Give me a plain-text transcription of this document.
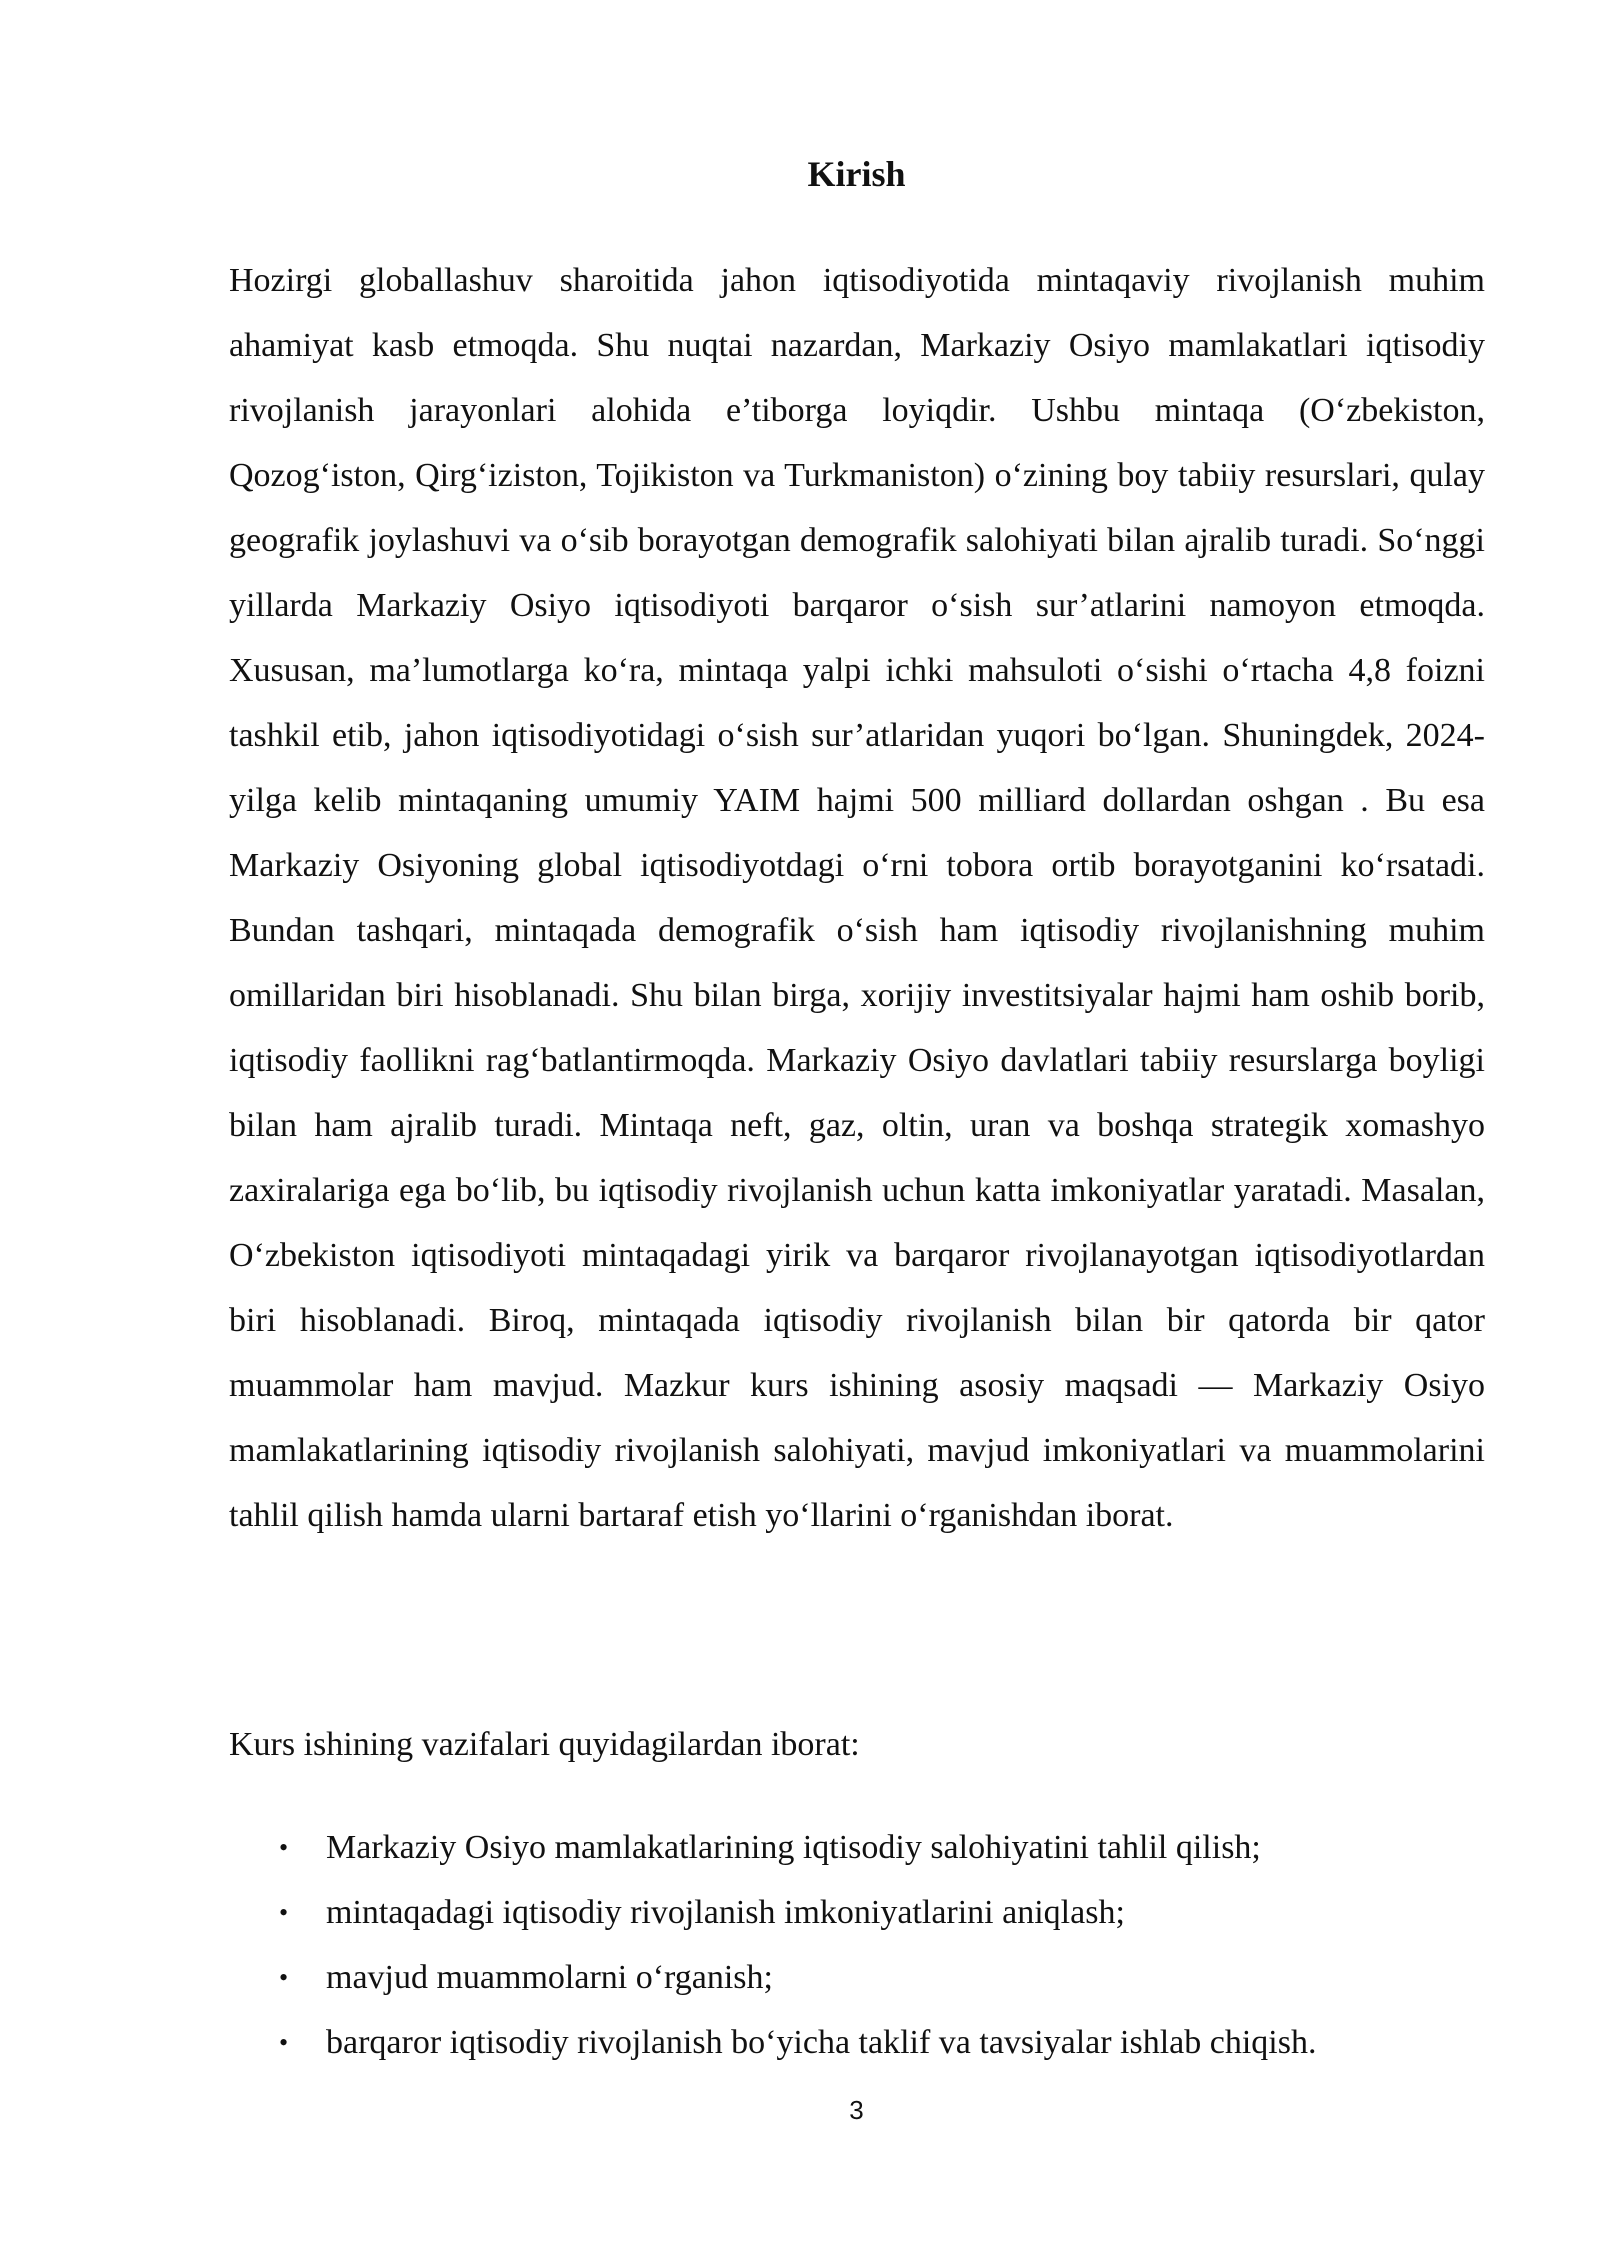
Kirish

Hozirgi globallashuv sharoitida jahon iqtisodiyotida mintaqaviy rivojlanish muhim ahamiyat kasb etmoqda. Shu nuqtai nazardan, Markaziy Osiyo mamlakatlari iqtisodiy rivojlanish jarayonlari alohida e’tiborga loyiqdir. Ushbu mintaqa (O‘zbekiston, Qozog‘iston, Qirg‘iziston, Tojikiston va Turkmaniston) o‘zining boy tabiiy resurslari, qulay geografik joylashuvi va o‘sib borayotgan demografik salohiyati bilan ajralib turadi. So‘nggi yillarda Markaziy Osiyo iqtisodiyoti barqaror o‘sish sur’atlarini namoyon etmoqda. Xususan, ma’lumotlarga ko‘ra, mintaqa yalpi ichki mahsuloti o‘sishi o‘rtacha 4,8 foizni tashkil etib, jahon iqtisodiyotidagi o‘sish sur’atlaridan yuqori bo‘lgan. Shuningdek, 2024-yilga kelib mintaqaning umumiy YAIM hajmi 500 milliard dollardan oshgan . Bu esa Markaziy Osiyoning global iqtisodiyotdagi o‘rni tobora ortib borayotganini ko‘rsatadi. Bundan tashqari, mintaqada demografik o‘sish ham iqtisodiy rivojlanishning muhim omillaridan biri hisoblanadi. Shu bilan birga, xorijiy investitsiyalar hajmi ham oshib borib, iqtisodiy faollikni rag‘batlantirmoqda. Markaziy Osiyo davlatlari tabiiy resurslarga boyligi bilan ham ajralib turadi. Mintaqa neft, gaz, oltin, uran va boshqa strategik xomashyo zaxiralariga ega bo‘lib, bu iqtisodiy rivojlanish uchun katta imkoniyatlar yaratadi. Masalan, O‘zbekiston iqtisodiyoti mintaqadagi yirik va barqaror rivojlanayotgan iqtisodiyotlardan biri hisoblanadi. Biroq, mintaqada iqtisodiy rivojlanish bilan bir qatorda bir qator muammolar ham mavjud. Mazkur kurs ishining asosiy maqsadi — Markaziy Osiyo mamlakatlarining iqtisodiy rivojlanish salohiyati, mavjud imkoniyatlari va muammolarini tahlil qilish hamda ularni bartaraf etish yo‘llarini o‘rganishdan iborat.

Kurs ishining vazifalari quyidagilardan iborat:

• Markaziy Osiyo mamlakatlarining iqtisodiy salohiyatini tahlil qilish;
• mintaqadagi iqtisodiy rivojlanish imkoniyatlarini aniqlash;
• mavjud muammolarni o‘rganish;
• barqaror iqtisodiy rivojlanish bo‘yicha taklif va tavsiyalar ishlab chiqish.

3
